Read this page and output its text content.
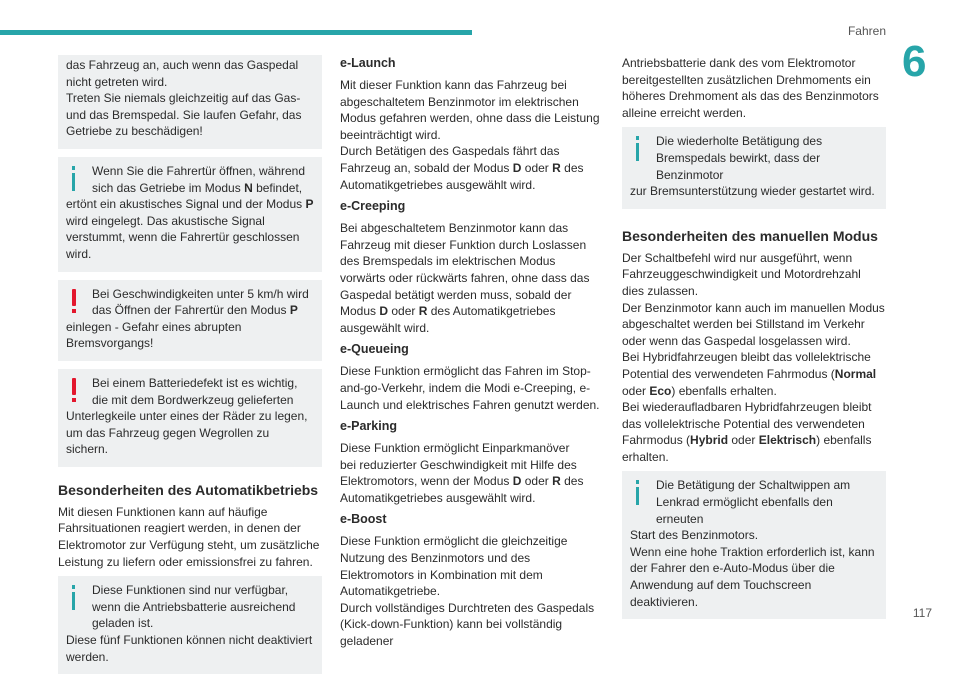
Fahren
6
117

das Fahrzeug an, auch wenn das Gaspedal nicht getreten wird.
Treten Sie niemals gleichzeitig auf das Gas- und das Bremspedal. Sie laufen Gefahr, das Getriebe zu beschädigen!

Wenn Sie die Fahrertür öffnen, während sich das Getriebe im Modus N befindet,

ertönt ein akustisches Signal und der Modus P
wird eingelegt. Das akustische Signal verstummt, wenn die Fahrertür geschlossen wird.

Bei Geschwindigkeiten unter 5 km/h wird das Öffnen der Fahrertür den Modus P

einlegen - Gefahr eines abrupten Bremsvorgangs!

Bei einem Batteriedefekt ist es wichtig, die mit dem Bordwerkzeug gelieferten

Unterlegkeile unter eines der Räder zu legen, um das Fahrzeug gegen Wegrollen zu sichern.

Besonderheiten des Automatikbetriebs

Mit diesen Funktionen kann auf häufige Fahrsituationen reagiert werden, in denen der Elektromotor zur Verfügung steht, um zusätzliche Leistung zu liefern oder emissionsfrei zu fahren.

Diese Funktionen sind nur verfügbar, wenn die Antriebsbatterie ausreichend geladen ist.

Diese fünf Funktionen können nicht deaktiviert werden.

e-Launch

Mit dieser Funktion kann das Fahrzeug bei abgeschaltetem Benzinmotor im elektrischen Modus gefahren werden, ohne dass die Leistung beeinträchtigt wird.
Durch Betätigen des Gaspedals fährt das Fahrzeug an, sobald der Modus D oder R des Automatikgetriebes ausgewählt wird.

e-Creeping

Bei abgeschaltetem Benzinmotor kann das Fahrzeug mit dieser Funktion durch Loslassen des Bremspedals im elektrischen Modus vorwärts oder rückwärts fahren, ohne dass das Gaspedal betätigt werden muss, sobald der Modus D oder R des Automatikgetriebes ausgewählt wird.

e-Queueing

Diese Funktion ermöglicht das Fahren im Stop-and-go-Verkehr, indem die Modi e-Creeping, e-Launch und elektrisches Fahren genutzt werden.

e-Parking

Diese Funktion ermöglicht Einparkmanöver
bei reduzierter Geschwindigkeit mit Hilfe des Elektromotors, wenn der Modus D oder R des Automatikgetriebes ausgewählt wird.

e-Boost

Diese Funktion ermöglicht die gleichzeitige Nutzung des Benzinmotors und des Elektromotors in Kombination mit dem Automatikgetriebe.
Durch vollständiges Durchtreten des Gaspedals (Kick-down-Funktion) kann bei vollständig geladener

Antriebsbatterie dank des vom Elektromotor bereitgestellten zusätzlichen Drehmoments ein höheres Drehmoment als das des Benzinmotors alleine erreicht werden.

Die wiederholte Betätigung des Bremspedals bewirkt, dass der Benzinmotor

zur Bremsunterstützung wieder gestartet wird.

Besonderheiten des manuellen Modus

Der Schaltbefehl wird nur ausgeführt, wenn Fahrzeuggeschwindigkeit und Motordrehzahl dies zulassen.
Der Benzinmotor kann auch im manuellen Modus abgeschaltet werden bei Stillstand im Verkehr oder wenn das Gaspedal losgelassen wird.
Bei Hybridfahrzeugen bleibt das vollelektrische Potential des verwendeten Fahrmodus (Normal
oder Eco) ebenfalls erhalten.
Bei wiederaufladbaren Hybridfahrzeugen bleibt das vollelektrische Potential des verwendeten Fahrmodus (Hybrid oder Elektrisch) ebenfalls erhalten.

Die Betätigung der Schaltwippen am Lenkrad ermöglicht ebenfalls den erneuten

Start des Benzinmotors.
Wenn eine hohe Traktion erforderlich ist, kann der Fahrer den e-Auto-Modus über die Anwendung auf dem Touchscreen deaktivieren.
